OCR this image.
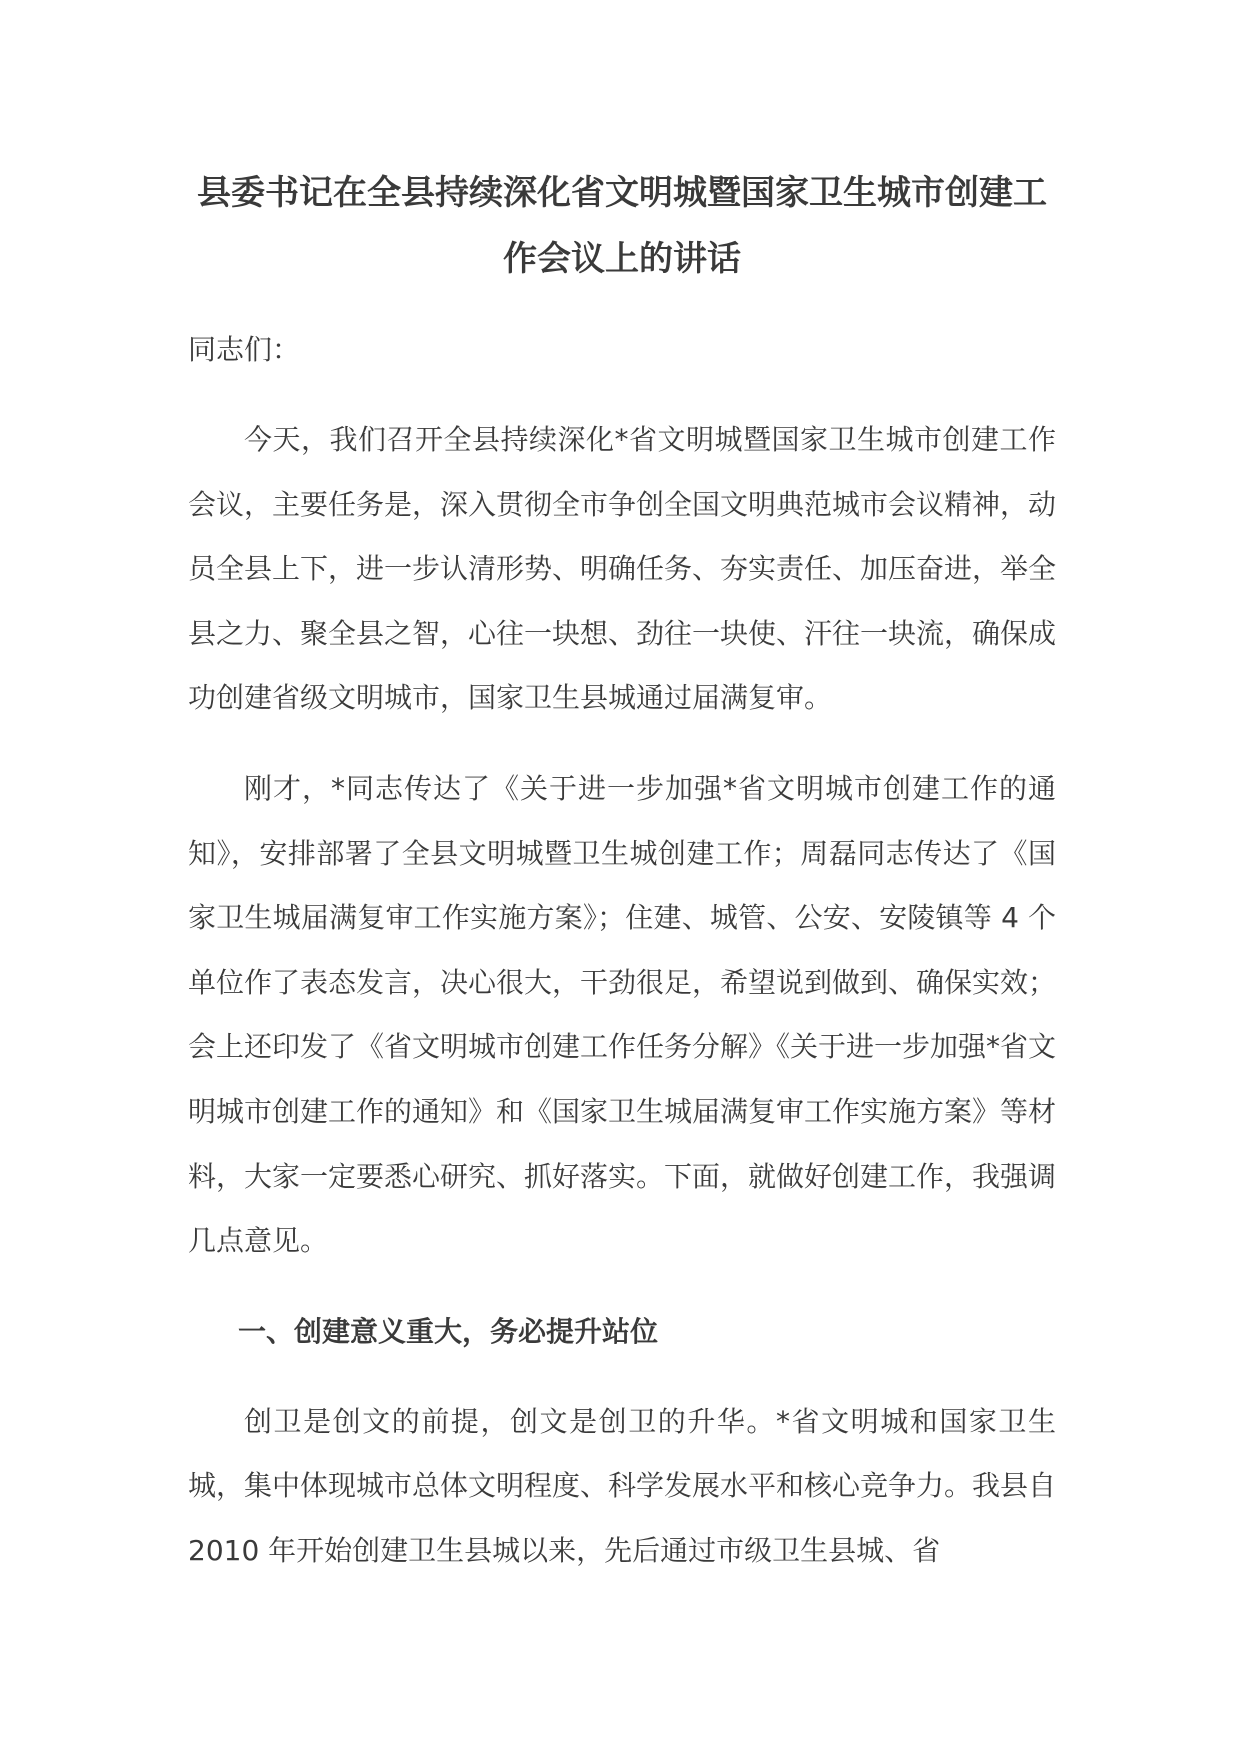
县委书记在全县持续深化省文明城暨国家卫生城市创建工作会议上的讲话

同志们：

今天，我们召开全县持续深化*省文明城暨国家卫生城市创建工作会议，主要任务是，深入贯彻全市争创全国文明典范城市会议精神，动员全县上下，进一步认清形势、明确任务、夯实责任、加压奋进，举全县之力、聚全县之智，心往一块想、劲往一块使、汗往一块流，确保成功创建省级文明城市，国家卫生县城通过届满复审。

刚才，*同志传达了《关于进一步加强*省文明城市创建工作的通知》，安排部署了全县文明城暨卫生城创建工作；周磊同志传达了《国家卫生城届满复审工作实施方案》；住建、城管、公安、安陵镇等 4 个单位作了表态发言，决心很大，干劲很足，希望说到做到、确保实效；会上还印发了《省文明城市创建工作任务分解》《关于进一步加强*省文明城市创建工作的通知》和《国家卫生城届满复审工作实施方案》等材料，大家一定要悉心研究、抓好落实。下面，就做好创建工作，我强调几点意见。

一、创建意义重大，务必提升站位

创卫是创文的前提，创文是创卫的升华。*省文明城和国家卫生城，集中体现城市总体文明程度、科学发展水平和核心竞争力。我县自 2010 年开始创建卫生县城以来，先后通过市级卫生县城、省
